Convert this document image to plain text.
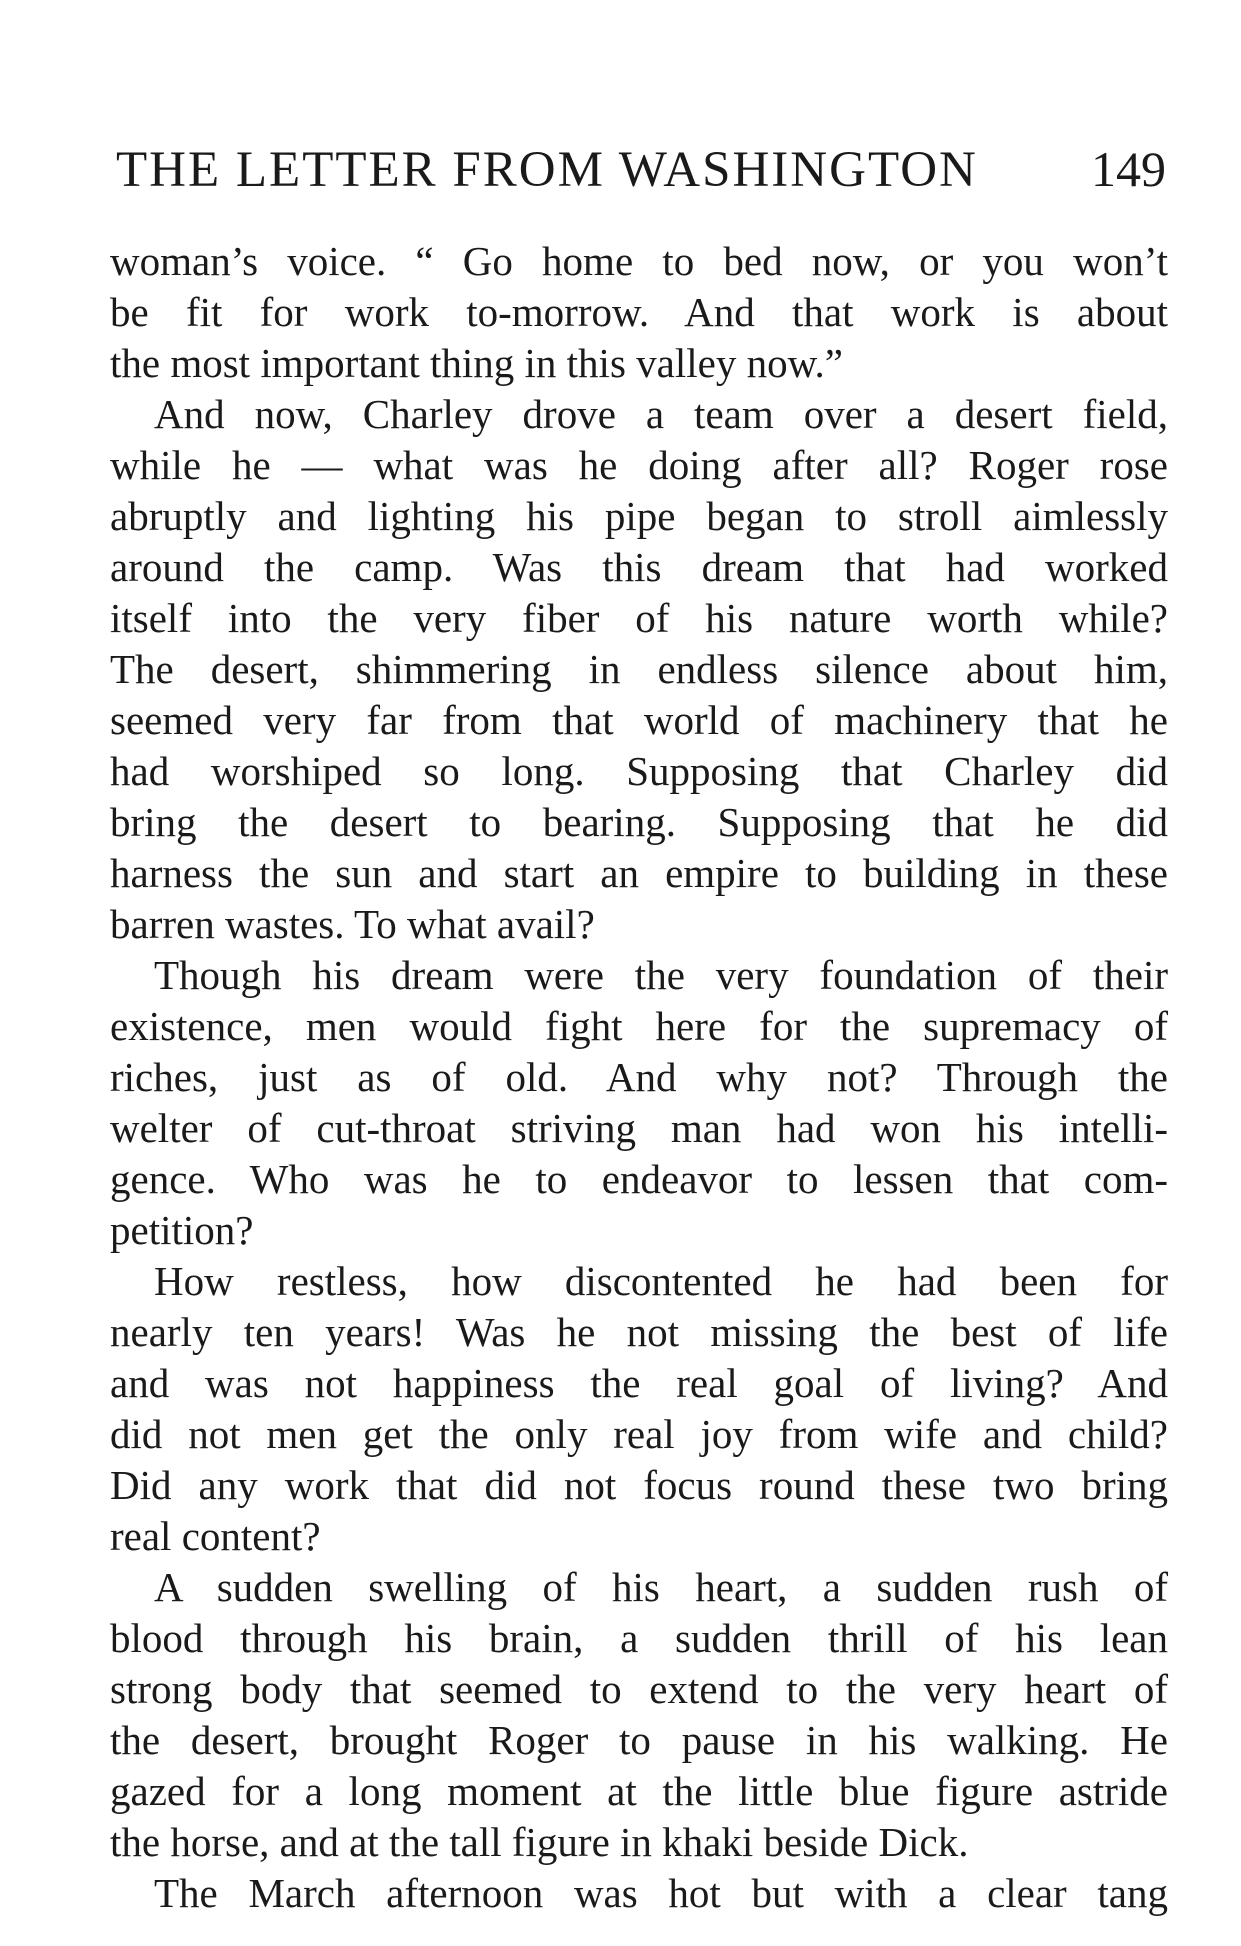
THE LETTER FROM WASHINGTON 149
woman’s voice. “ Go home to bed now, or you won’t
be fit for work to-morrow. And that work is about
the most important thing in this valley now.”
And now, Charley drove a team over a desert field,
while he — what was he doing after all? Roger rose
abruptly and lighting his pipe began to stroll aimlessly
around the camp. Was this dream that had worked
itself into the very fiber of his nature worth while?
The desert, shimmering in endless silence about him,
seemed very far from that world of machinery that he
had worshiped so long. Supposing that Charley did
bring the desert to bearing. Supposing that he did
harness the sun and start an empire to building in these
barren wastes. To what avail?
Though his dream were the very foundation of their
existence, men would fight here for the supremacy of
riches, just as of old. And why not? Through the
welter of cut-throat striving man had won his intelli-
gence. Who was he to endeavor to lessen that com-
petition?
How restless, how discontented he had been for
nearly ten years! Was he not missing the best of life
and was not happiness the real goal of living? And
did not men get the only real joy from wife and child?
Did any work that did not focus round these two bring
real content?
A sudden swelling of his heart, a sudden rush of
blood through his brain, a sudden thrill of his lean
strong body that seemed to extend to the very heart of
the desert, brought Roger to pause in his walking. He
gazed for a long moment at the little blue figure astride
the horse, and at the tall figure in khaki beside Dick.
The March afternoon was hot but with a clear tang
